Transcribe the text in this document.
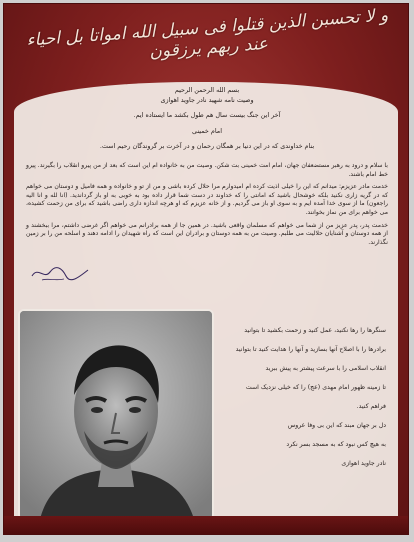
و لا تحسبن الذین قتلوا فی سبیل الله امواتا بل احیاء عند ربهم یرزقون

بسم الله الرحمن الرحیم

وصیت نامه شهید نادر جاوید اهوازی

آخر این جنگ بیست سال هم طول بکشد ما ایستاده ایم.

امام خمینی

بنام خداوندی که در این دنیا بر همگان رحمان و در آخرت بر گروندگان رحیم است.

با سلام و درود به رهبر مستضعفان جهان، امام امت خمینی بت شکن. وصیت من به خانواده ام این است که بعد از من پیرو انقلاب را بگیرند. پیرو خط امام باشند.

خدمت مادر عزیزم: میدانم که این را خیلی اذیت کرده ام امیدوارم مرا حلال کرده باشی و من از تو و خانواده و همه فامیل و دوستان می خواهم که در گریه زاری نکنید بلکه خوشحال باشید که امانتی را که خداوند در دست شما قرار داده بود به خوبی به او باز گرداندید. (انا لله و انا الیه راجعون) ما از سوی خدا آمده ایم و به سوی او باز می گردیم. و از خانه عزیزم که او هرچه اندازه داری راضی باشید که برای من زحمت کشیده، می خواهم برای من نماز بخوانند.

خدمت پدر، پدر عزیز من از شما می خواهم که مسلمان واقعی باشید. در همین جا از همه برادرانم می خواهم اگر غرضی داشتم، مرا ببخشند و از همه دوستان و آشنایان حلالیت می طلبم. وصیت من به همه دوستان و برادران این است که راه شهیدان را ادامه دهند و اسلحه من را بر زمین نگذارند.

سنگرها را رها نکنید، عمل کنید و زحمت بکشید تا بتوانید

برادرها را با اصلاح آنها بسازید و آنها را هدایت کنید تا بتوانید

انقلاب اسلامی را با سرعت پیشتر به پیش ببرید

تا زمینه ظهور امام مهدی (عج) را که خیلی نزدیک است

فراهم کنید.

دل بر جهان مبند که این بی وفا عروس

به هیچ کس نبود که به مسجد بسر نکرد

نادر جاوید اهوازی
